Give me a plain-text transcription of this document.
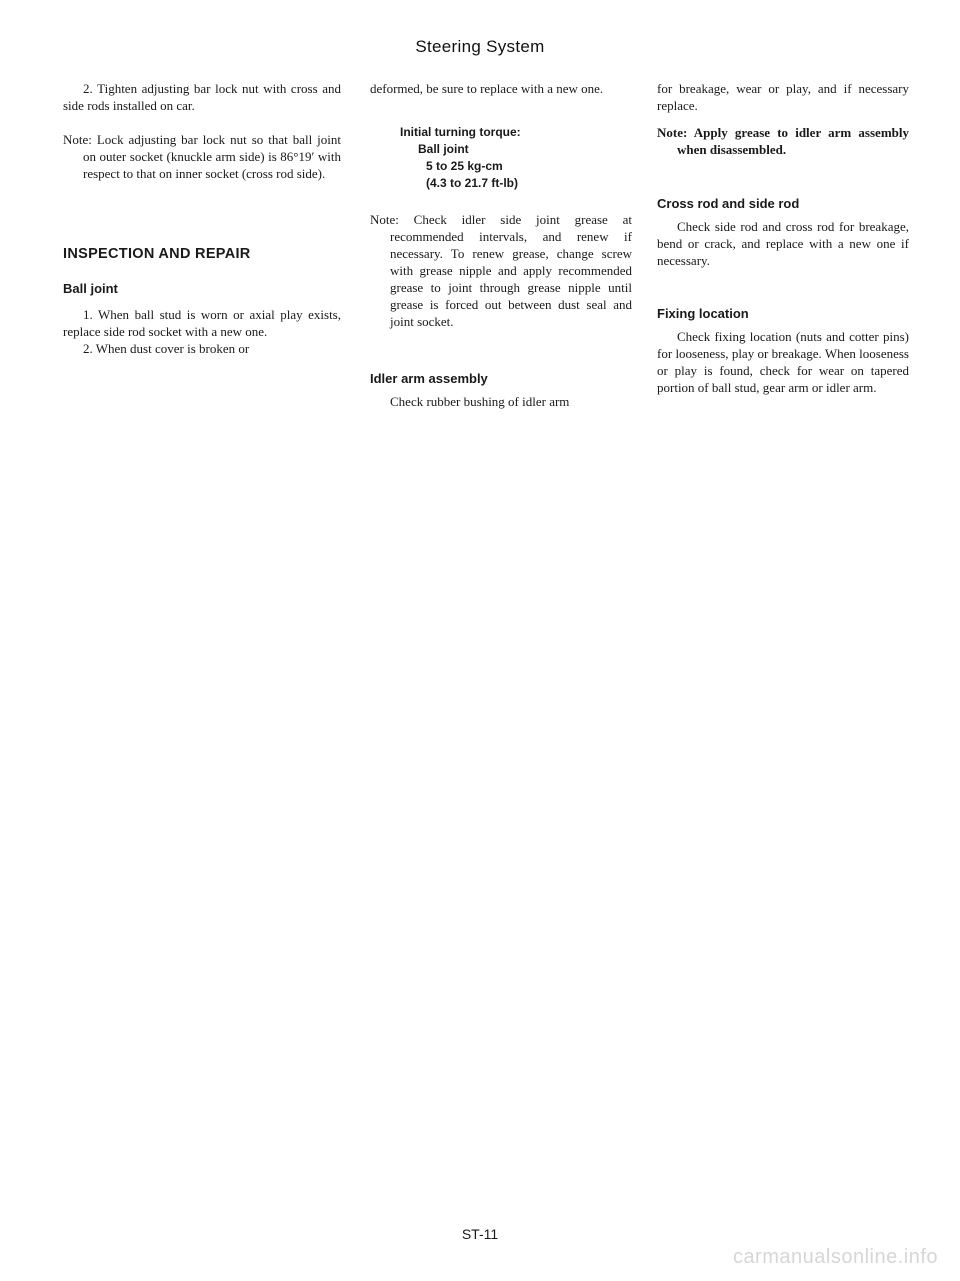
Steering System

2. Tighten adjusting bar lock nut with cross and side rods installed on car.

Note: Lock adjusting bar lock nut so that ball joint on outer socket (knuckle arm side) is 86°19′ with respect to that on inner socket (cross rod side).

INSPECTION AND REPAIR

Ball joint

1. When ball stud is worn or axial play exists, replace side rod socket with a new one.

2. When dust cover is broken or

deformed, be sure to replace with a new one.

Initial turning torque:

Ball joint

5 to 25 kg-cm

(4.3 to 21.7 ft-lb)

Note: Check idler side joint grease at recommended intervals, and renew if necessary. To renew grease, change screw with grease nipple and apply recommended grease to joint through grease nipple until grease is forced out between dust seal and joint socket.

Idler arm assembly

Check rubber bushing of idler arm

for breakage, wear or play, and if necessary replace.

Note: Apply grease to idler arm assembly when disassembled.

Cross rod and side rod

Check side rod and cross rod for breakage, bend or crack, and replace with a new one if necessary.

Fixing location

Check fixing location (nuts and cotter pins) for looseness, play or breakage. When looseness or play is found, check for wear on tapered portion of ball stud, gear arm or idler arm.

ST-11
carmanualsonline.info
